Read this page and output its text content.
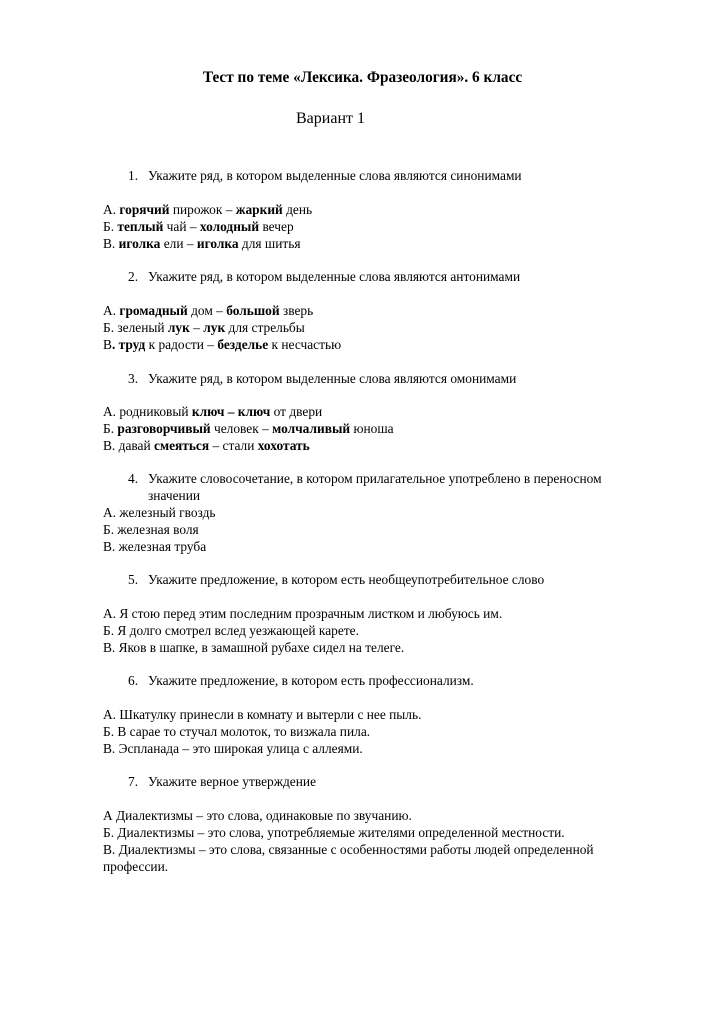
Тест по теме «Лексика. Фразеология». 6 класс
Вариант 1
1. Укажите ряд, в котором выделенные слова являются синонимами
А. горячий пирожок – жаркий день
Б. теплый чай – холодный вечер
В. иголка ели – иголка для шитья
2. Укажите ряд, в котором выделенные слова являются антонимами
А. громадный дом – большой зверь
Б. зеленый лук – лук для стрельбы
В. труд к радости – безделье к несчастью
3. Укажите ряд, в котором выделенные слова являются омонимами
А. родниковый ключ – ключ от двери
Б. разговорчивый человек – молчаливый юноша
В. давай смеяться – стали хохотать
4. Укажите словосочетание, в котором прилагательное употреблено в переносном
значении
А. железный гвоздь
Б. железная воля
В. железная труба
5. Укажите предложение, в котором есть необщеупотребительное слово
А. Я стою перед этим последним прозрачным листком и любуюсь им.
Б. Я долго смотрел вслед уезжающей карете.
В. Яков в шапке, в замашной рубахе сидел на телеге.
6. Укажите предложение, в котором есть профессионализм.
А. Шкатулку принесли в комнату и вытерли с нее пыль.
Б. В сарае то стучал молоток, то визжала пила.
В. Эспланада – это широкая улица с аллеями.
7. Укажите верное утверждение
А Диалектизмы – это слова, одинаковые по звучанию.
Б. Диалектизмы – это слова, употребляемые жителями определенной местности.
В. Диалектизмы – это слова, связанные с особенностями работы людей определенной профессии.
